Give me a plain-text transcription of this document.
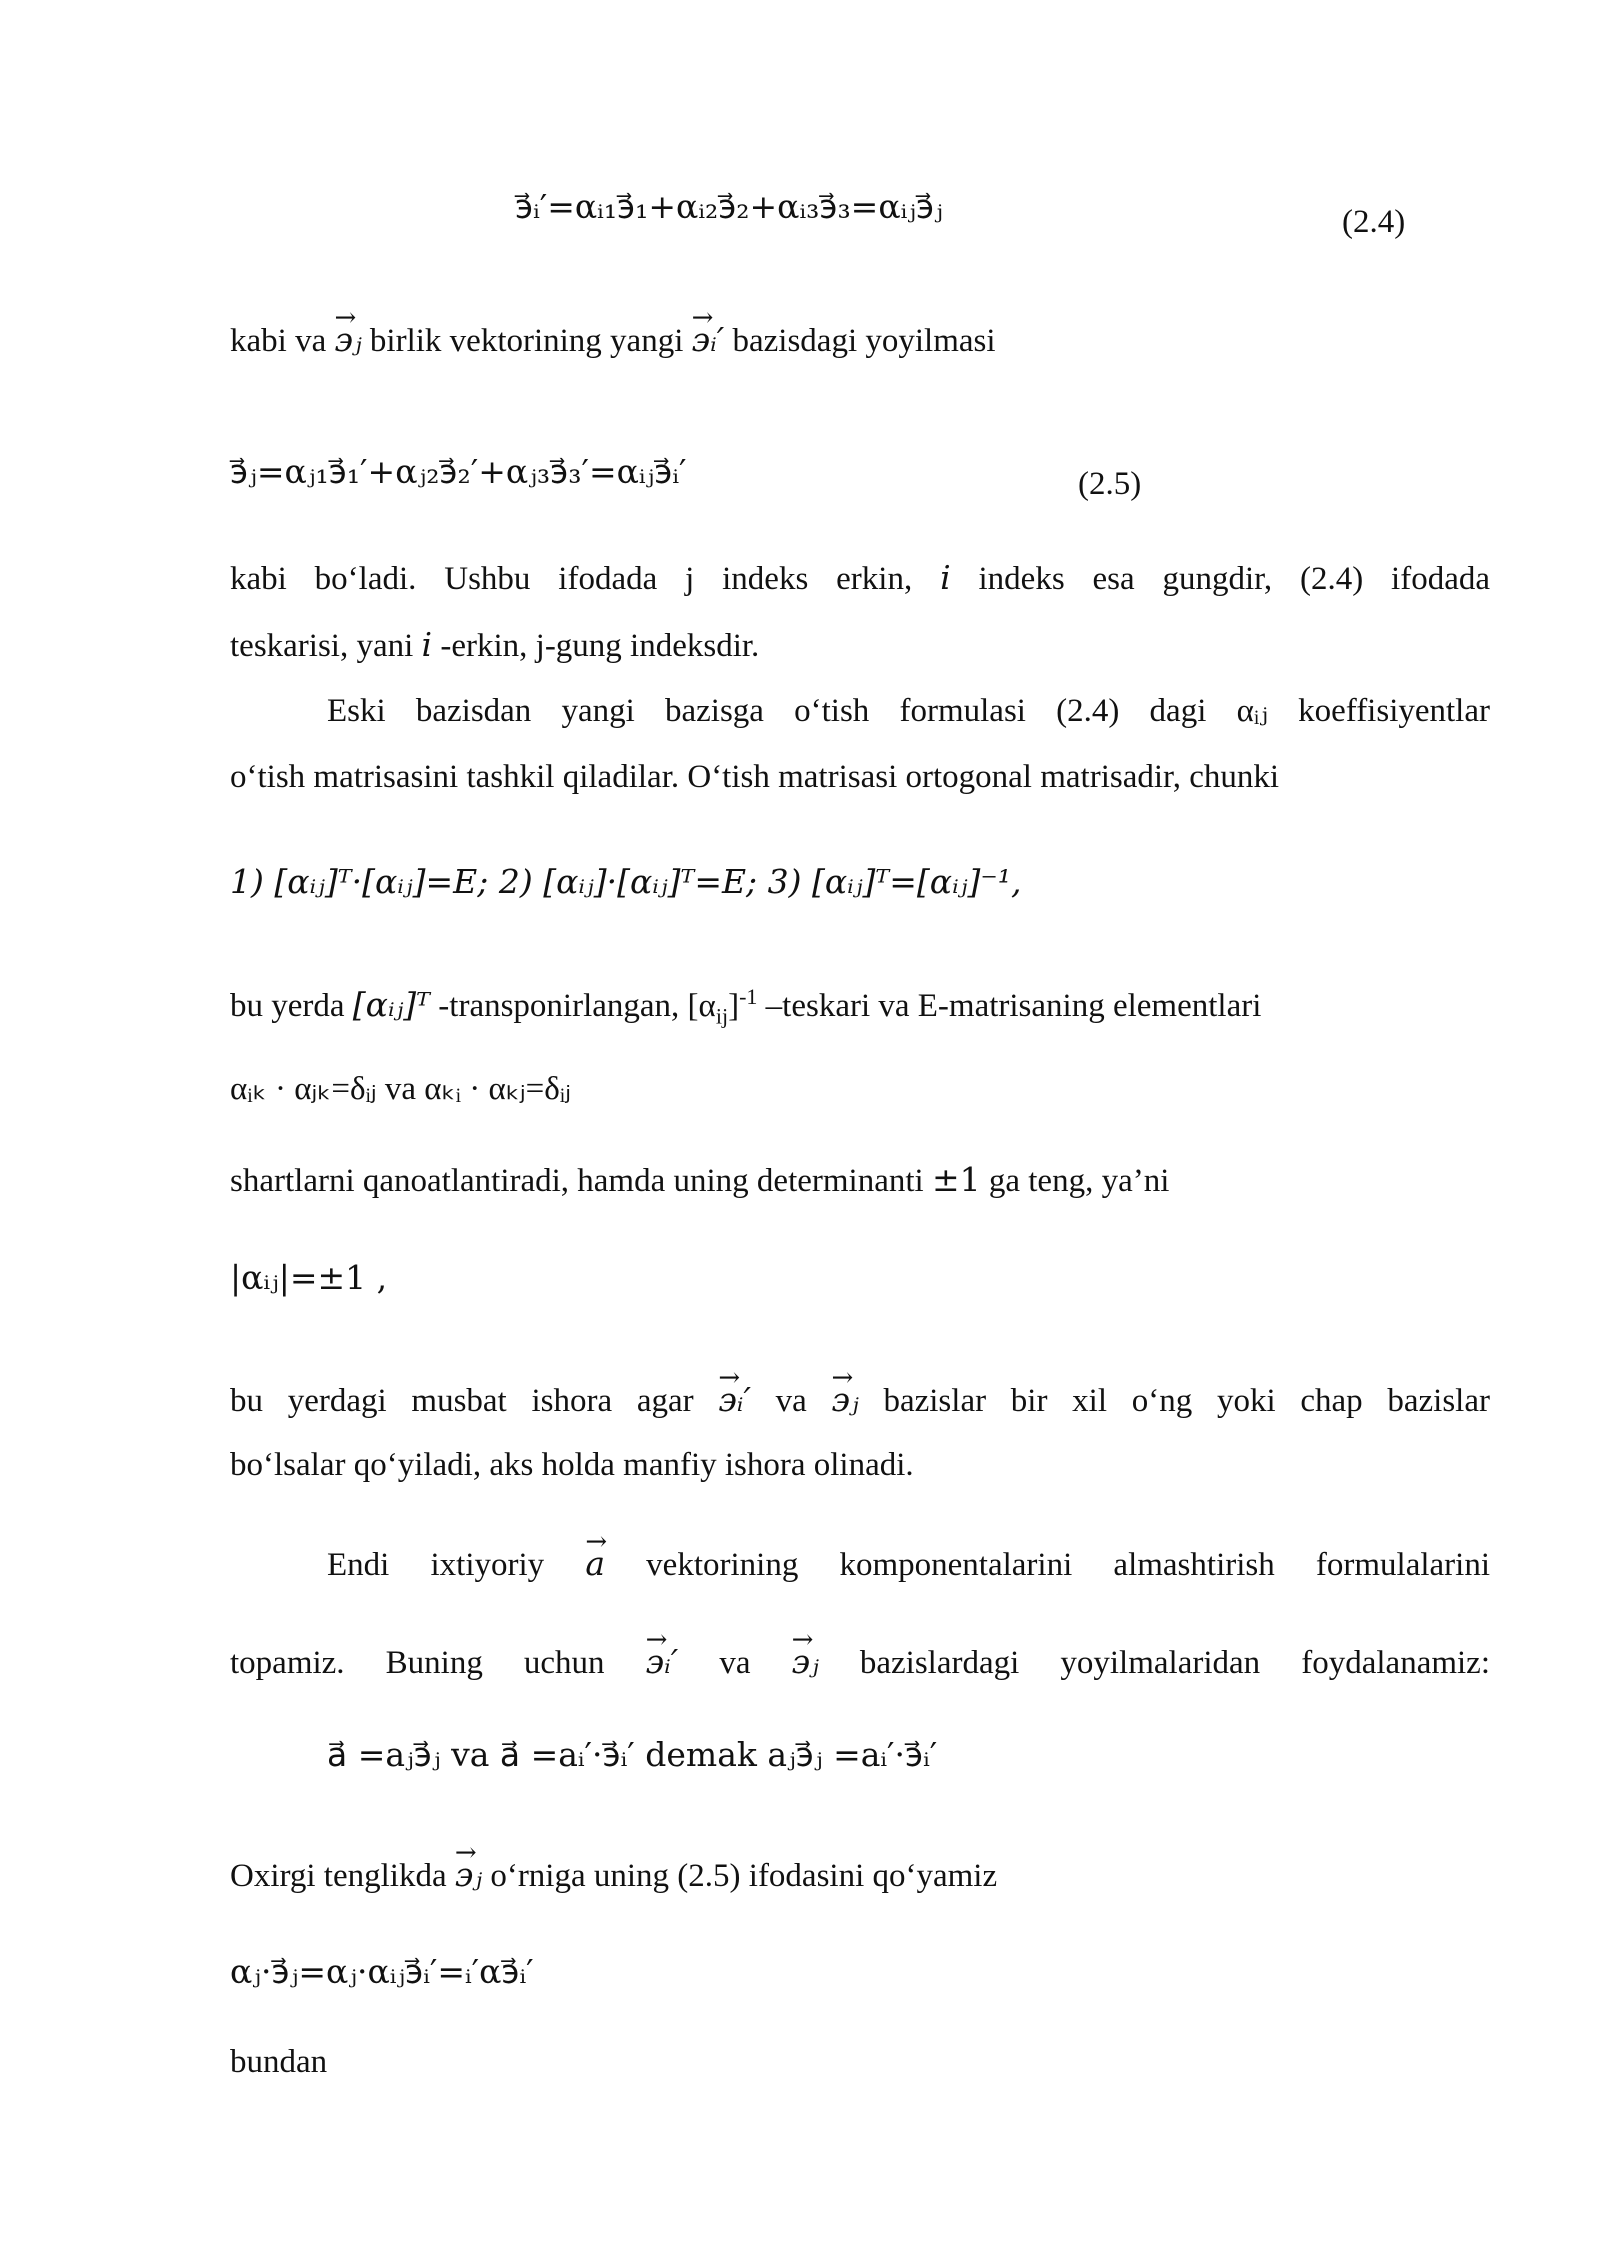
э⃗ᵢ′=αᵢ₁э⃗₁+αᵢ₂э⃗₂+αᵢ₃э⃗₃=αᵢⱼэ⃗ⱼ	(2.4)
kabi va → эⱼ birlik vektorining yangi → эᵢ′ bazisdagi yoyilmasi
э⃗ⱼ=αⱼ₁э⃗₁′+αⱼ₂э⃗₂′+αⱼ₃э⃗₃′=αᵢⱼэ⃗ᵢ′	(2.5)
kabi bo‘ladi. Ushbu ifodada j indeks erkin, i indeks esa gungdir, (2.4) ifodada
teskarisi, yani i -erkin, j-gung indeksdir.
Eski bazisdan yangi bazisga o‘tish formulasi (2.4) dagi αᵢⱼ koeffisiyentlar
o‘tish matrisasini tashkil qiladilar. O‘tish matrisasi ortogonal matrisadir, chunki
1) [αᵢⱼ]ᵀ·[αᵢⱼ]=E; 2) [αᵢⱼ]·[αᵢⱼ]ᵀ=E; 3) [αᵢⱼ]ᵀ=[αᵢⱼ]⁻¹,
bu yerda [αᵢⱼ]ᵀ -transponirlangan, $[\alpha_{ij}]^{-1}$ –teskari va E-matrisaning elementlari
αᵢₖ · αⱼₖ=δᵢⱼ va αₖᵢ · αₖⱼ=δᵢⱼ
shartlarni qanoatlantiradi, hamda uning determinanti ±1 ga teng, ya’ni
|αᵢⱼ|=±1 ,
bu yerdagi musbat ishora agar → эᵢ′ va → эⱼ bazislar bir xil o‘ng yoki chap bazislar
bo‘lsalar qo‘yiladi, aks holda manfiy ishora olinadi.
Endi ixtiyoriy → a vektorining komponentalarini almashtirish formulalarini
topamiz. Buning uchun → эᵢ′ va → эⱼ bazislardagi yoyilmalaridan foydalanamiz:
a⃗ =aⱼэ⃗ⱼ va a⃗ =aᵢ′·э⃗ᵢ′ demak aⱼэ⃗ⱼ =aᵢ′·э⃗ᵢ′
Oxirgi tenglikda → эⱼ o‘rniga uning (2.5) ifodasini qo‘yamiz
αⱼ·э⃗ⱼ=αⱼ·αᵢⱼэ⃗ᵢ′=ᵢ′αэ⃗ᵢ′
bundan
